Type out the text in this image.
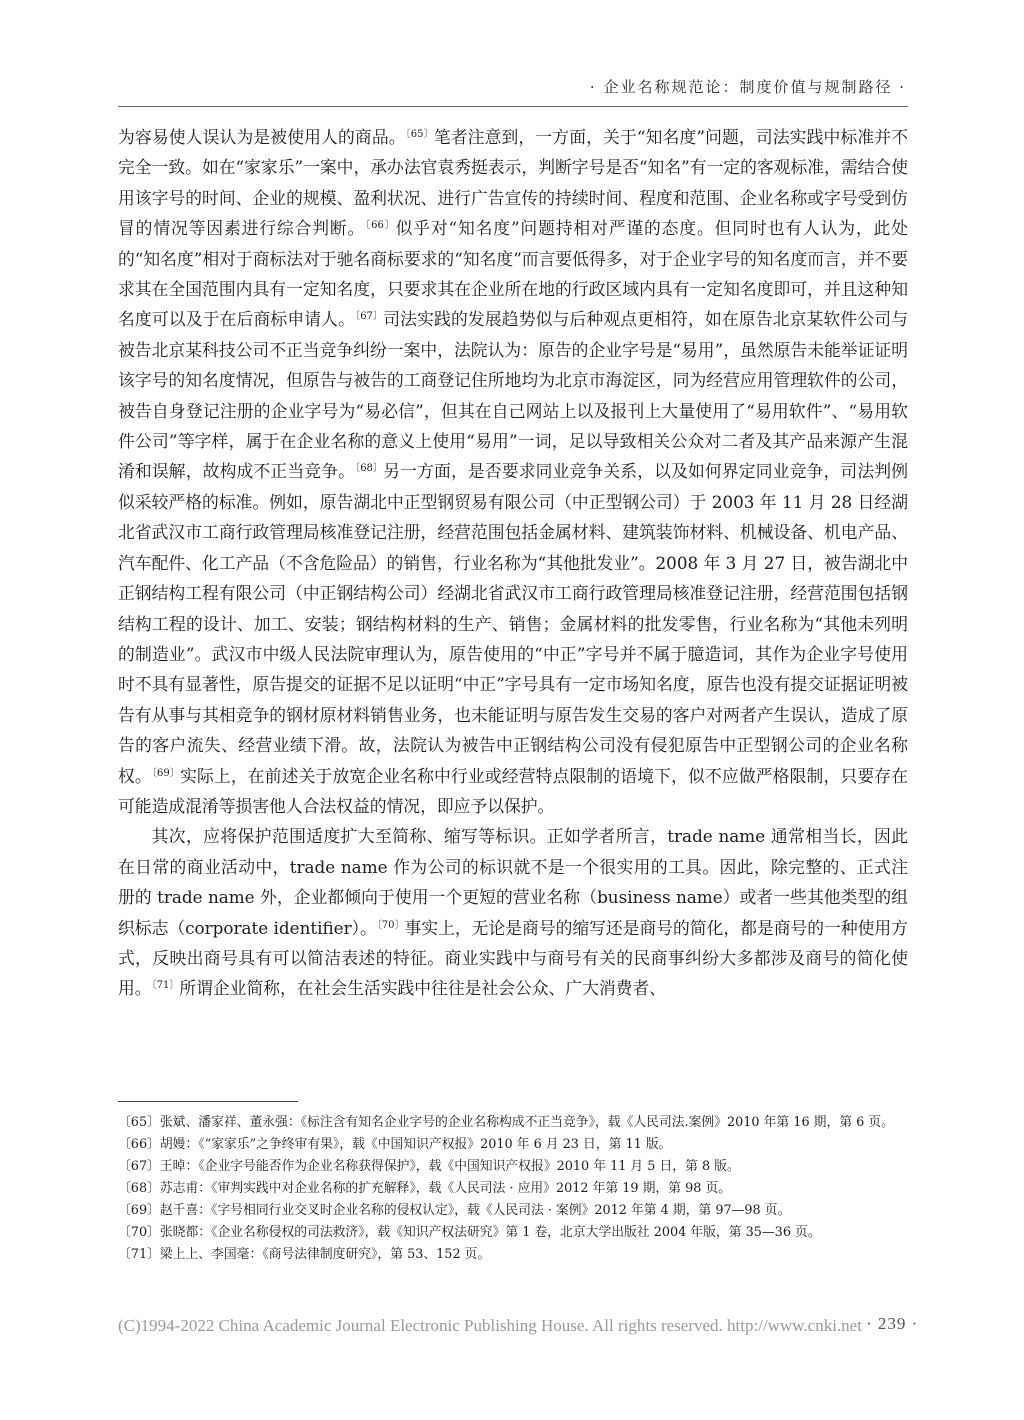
· 企业名称规范论：制度价值与规制路径 ·

为容易使人误认为是被使用人的商品。$^{〔65〕}$笔者注意到，一方面，关于“知名度”问题，司法实践中标准并不完全一致。如在“家家乐”一案中，承办法官袁秀挺表示，判断字号是否“知名”有一定的客观标准，需结合使用该字号的时间、企业的规模、盈利状况、进行广告宣传的持续时间、程度和范围、企业名称或字号受到仿冒的情况等因素进行综合判断。$^{〔66〕}$似乎对“知名度”问题持相对严谨的态度。但同时也有人认为，此处的“知名度”相对于商标法对于驰名商标要求的“知名度”而言要低得多，对于企业字号的知名度而言，并不要求其在全国范围内具有一定知名度，只要求其在企业所在地的行政区域内具有一定知名度即可，并且这种知名度可以及于在后商标申请人。$^{〔67〕}$司法实践的发展趋势似与后种观点更相符，如在原告北京某软件公司与被告北京某科技公司不正当竞争纠纷一案中，法院认为：原告的企业字号是“易用”，虽然原告未能举证证明该字号的知名度情况，但原告与被告的工商登记住所地均为北京市海淀区，同为经营应用管理软件的公司，被告自身登记注册的企业字号为“易必信”，但其在自己网站上以及报刊上大量使用了“易用软件”、“易用软件公司”等字样，属于在企业名称的意义上使用“易用”一词，足以导致相关公众对二者及其产品来源产生混淆和误解，故构成不正当竞争。$^{〔68〕}$另一方面，是否要求同业竞争关系，以及如何界定同业竞争，司法判例似采较严格的标准。例如，原告湖北中正型钢贸易有限公司（中正型钢公司）于 2003 年 11 月 28 日经湖北省武汉市工商行政管理局核准登记注册，经营范围包括金属材料、建筑装饰材料、机械设备、机电产品、汽车配件、化工产品（不含危险品）的销售，行业名称为“其他批发业”。2008 年 3 月 27 日，被告湖北中正钢结构工程有限公司（中正钢结构公司）经湖北省武汉市工商行政管理局核准登记注册，经营范围包括钢结构工程的设计、加工、安装；钢结构材料的生产、销售；金属材料的批发零售，行业名称为“其他未列明的制造业”。武汉市中级人民法院审理认为，原告使用的“中正”字号并不属于臆造词，其作为企业字号使用时不具有显著性，原告提交的证据不足以证明“中正”字号具有一定市场知名度，原告也没有提交证据证明被告有从事与其相竞争的钢材原材料销售业务，也未能证明与原告发生交易的客户对两者产生误认，造成了原告的客户流失、经营业绩下滑。故，法院认为被告中正钢结构公司没有侵犯原告中正型钢公司的企业名称权。$^{〔69〕}$实际上，在前述关于放宽企业名称中行业或经营特点限制的语境下，似不应做严格限制，只要存在可能造成混淆等损害他人合法权益的情况，即应予以保护。

其次，应将保护范围适度扩大至简称、缩写等标识。正如学者所言，trade name 通常相当长，因此在日常的商业活动中，trade name 作为公司的标识就不是一个很实用的工具。因此，除完整的、正式注册的 trade name 外，企业都倾向于使用一个更短的营业名称（business name）或者一些其他类型的组织标志（corporate identifier）。$^{〔70〕}$事实上，无论是商号的缩写还是商号的简化，都是商号的一种使用方式，反映出商号具有可以简洁表述的特征。商业实践中与商号有关的民商事纠纷大多都涉及商号的简化使用。$^{〔71〕}$所谓企业简称，在社会生活实践中往往是社会公众、广大消费者、

〔65〕张斌、潘家祥、董永强：《标注含有知名企业字号的企业名称构成不正当竞争》，载《人民司法.案例》2010 年第 16 期，第 6 页。

〔66〕胡嫚：《“家家乐”之争终审有果》，载《中国知识产权报》2010 年 6 月 23 日，第 11 版。

〔67〕王晫：《企业字号能否作为企业名称获得保护》，载《中国知识产权报》2010 年 11 月 5 日，第 8 版。

〔68〕苏志甫：《审判实践中对企业名称的扩充解释》，载《人民司法 · 应用》2012 年第 19 期，第 98 页。

〔69〕赵千喜：《字号相同行业交叉时企业名称的侵权认定》，载《人民司法 · 案例》2012 年第 4 期，第 97—98 页。

〔70〕张晓都：《企业名称侵权的司法救济》，载《知识产权法研究》第 1 卷，北京大学出版社 2004 年版，第 35—36 页。

〔71〕梁上上、李国毫：《商号法律制度研究》，第 53、152 页。

(C)1994-2022 China Academic Journal Electronic Publishing House. All rights reserved. http://www.cnki.net · 239 ·
